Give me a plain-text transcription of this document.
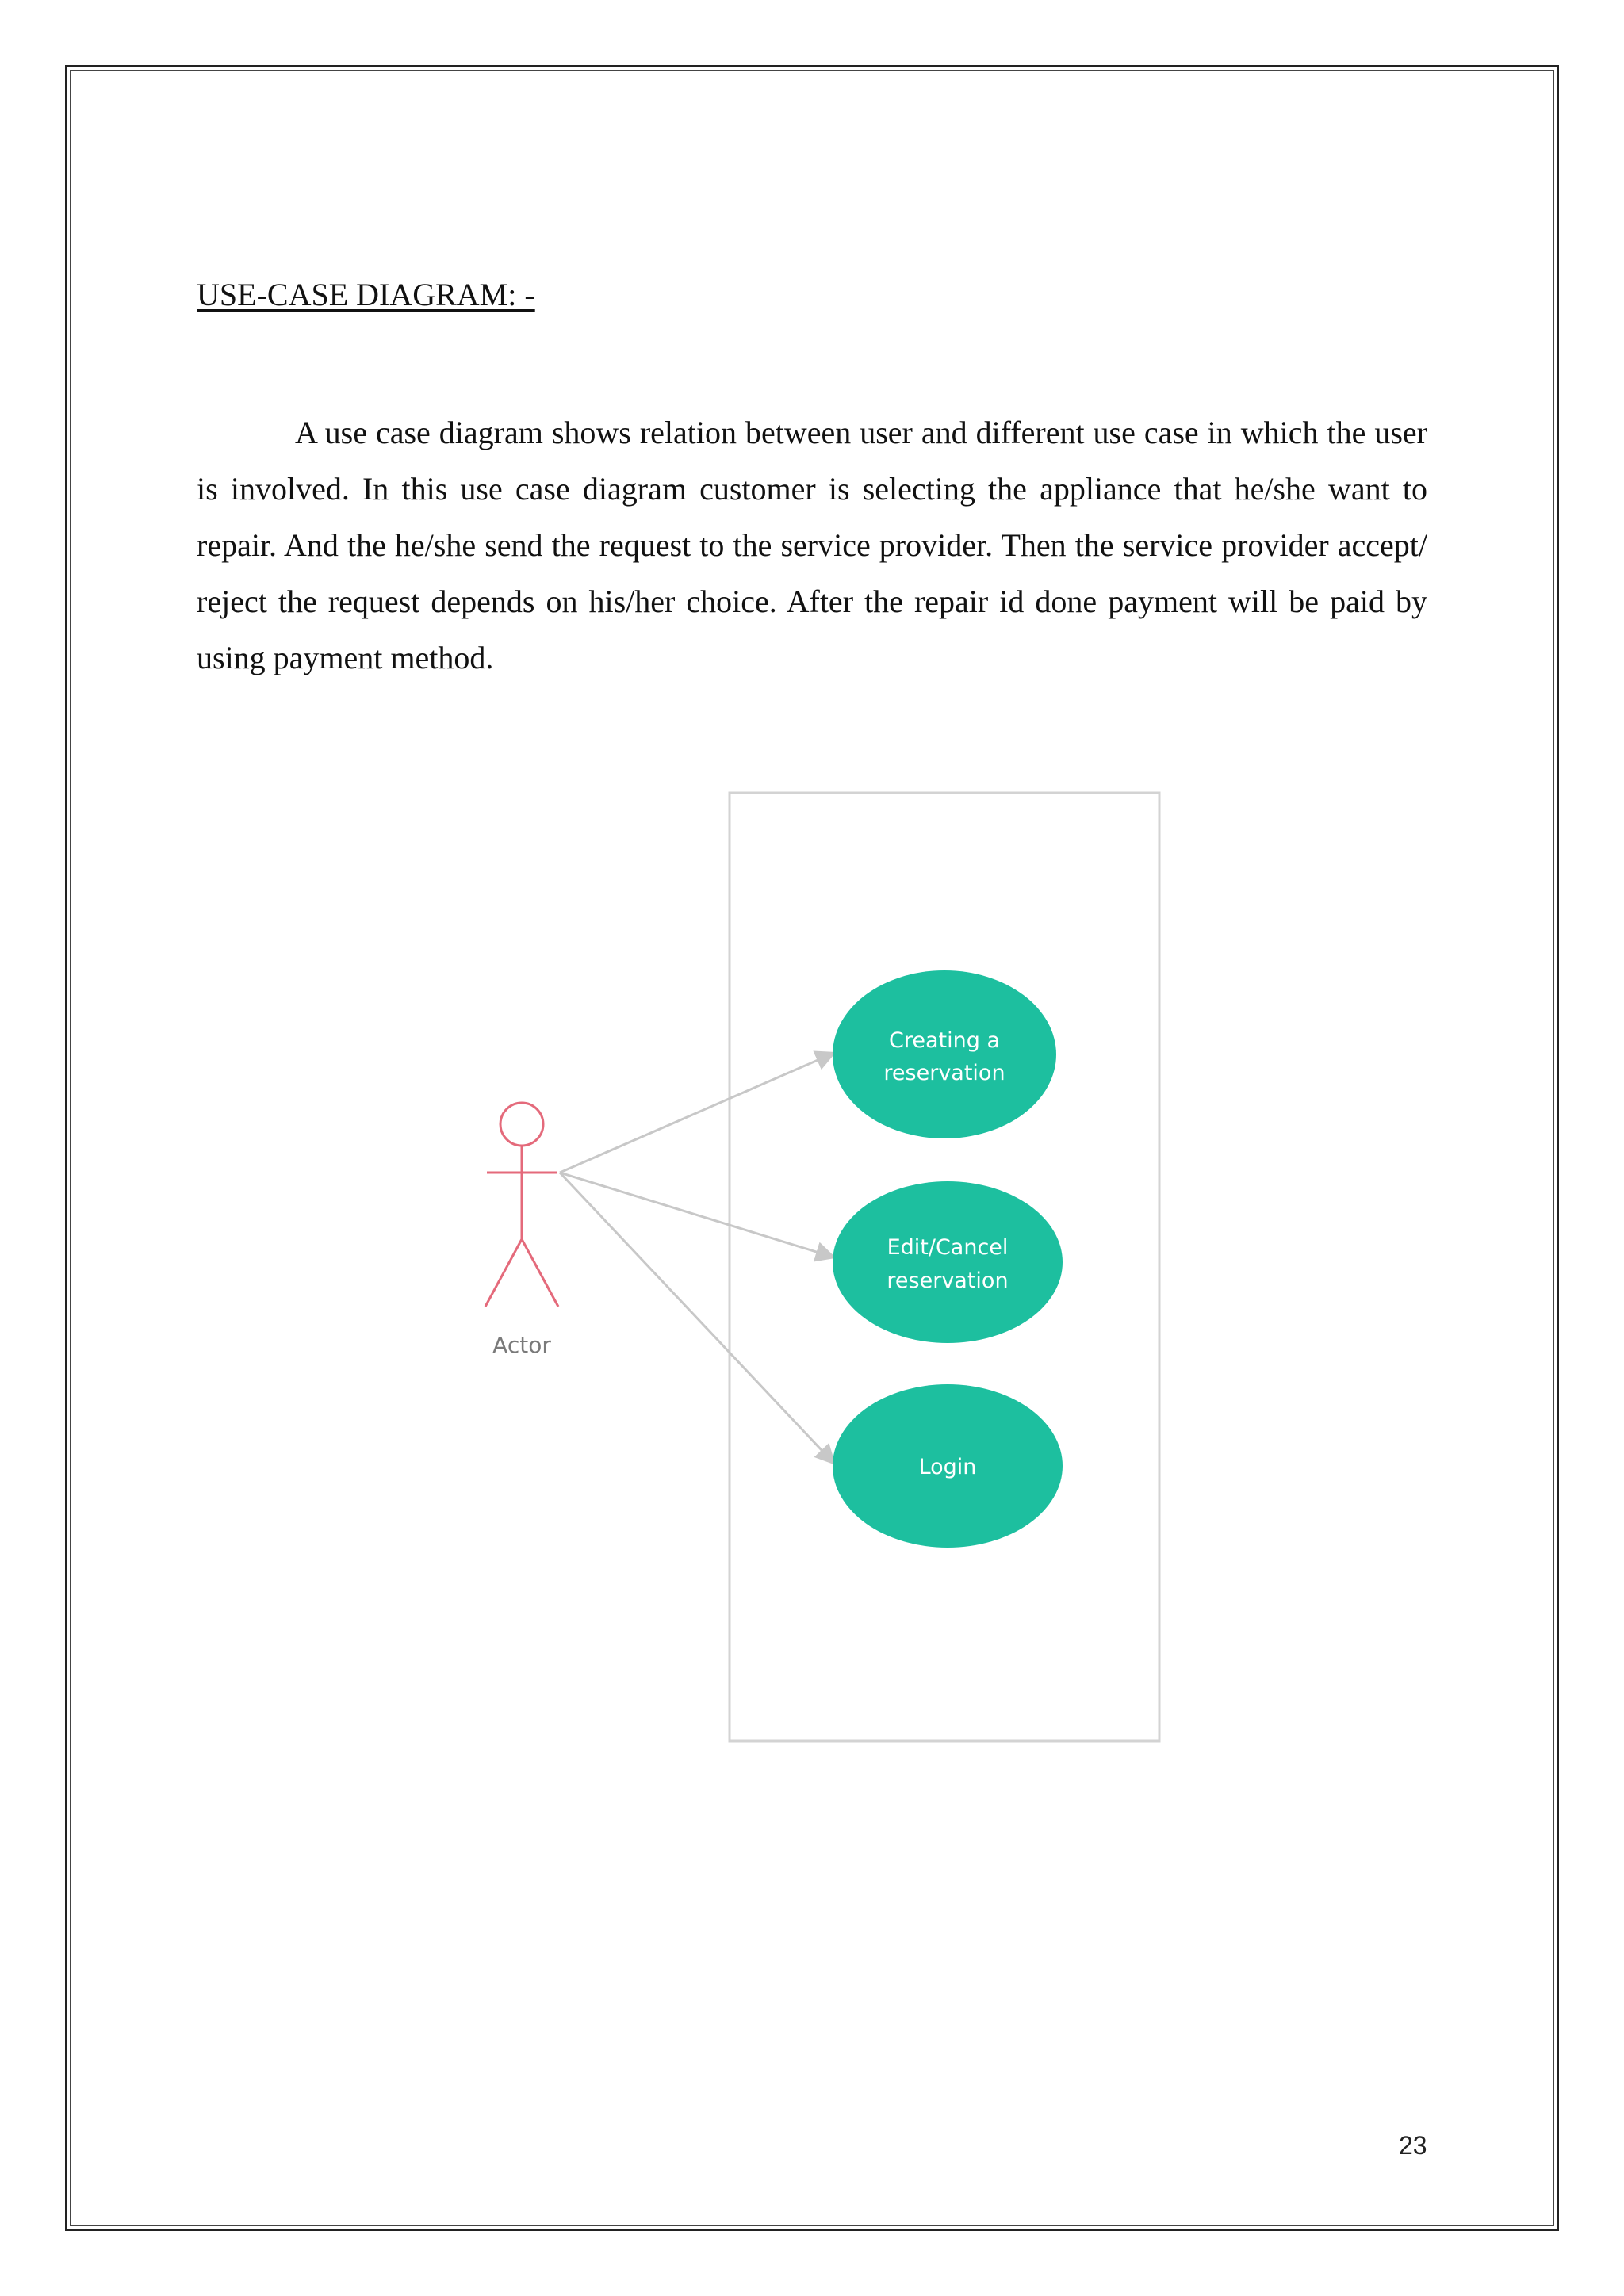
USE-CASE DIAGRAM: -

A use case diagram shows relation between user and different use case in which the user is involved. In this use case diagram customer is selecting the appliance that he/she want to repair. And the he/she send the request to the service provider. Then the service provider accept/ reject the request depends on his/her choice. After the repair id done payment will be paid by using payment method.

Actor
Creating a
reservation
Edit/Cancel
reservation
Login
23
